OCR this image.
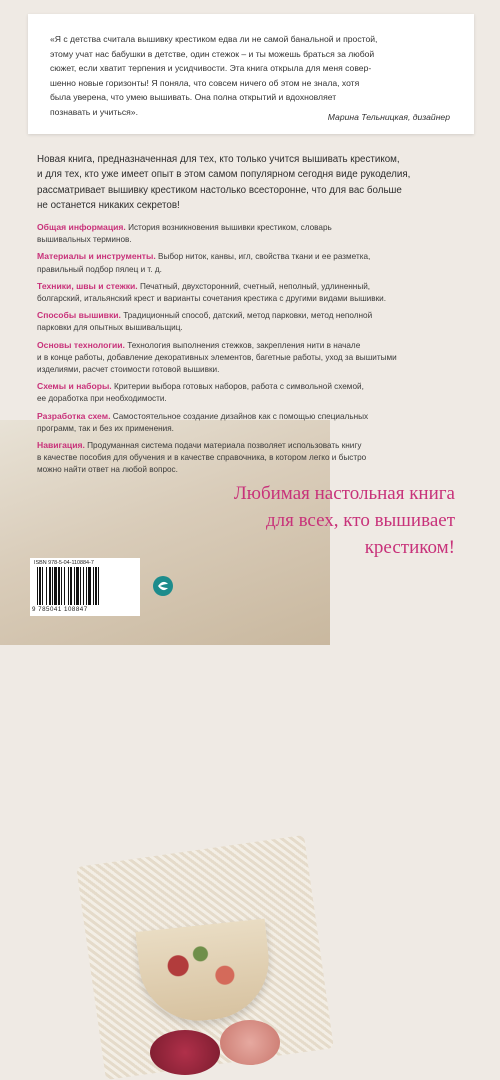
«Я с детства считала вышивку крестиком едва ли не самой банальной и простой,
этому учат нас бабушки в детстве, один стежок – и ты можешь браться за любой
сюжет, если хватит терпения и усидчивости. Эта книга открыла для меня совер-
шенно новые горизонты! Я поняла, что совсем ничего об этом не знала, хотя
была уверена, что умею вышивать. Она полна открытий и вдохновляет
познавать и учиться».

Марина Тельницкая, дизайнер

Новая книга, предназначенная для тех, кто только учится вышивать крестиком,
и для тех, кто уже имеет опыт в этом самом популярном сегодня виде рукоделия,
рассматривает вышивку крестиком настолько всесторонне, что для вас больше
не останется никаких секретов!

Общая информация. История возникновения вышивки крестиком, словарь
вышивальных терминов.

Материалы и инструменты. Выбор ниток, канвы, игл, свойства ткани и ее разметка,
правильный подбор пялец и т. д.

Техники, швы и стежки. Печатный, двухсторонний, счетный, неполный, удлиненный,
болгарский, итальянский крест и варианты сочетания крестика с другими видами вышивки.

Способы вышивки. Традиционный способ, датский, метод парковки, метод неполной
парковки для опытных вышивальщиц.

Основы технологии. Технология выполнения стежков, закрепления нити в начале
и в конце работы, добавление декоративных элементов, багетные работы, уход за вышитыми
изделиями, расчет стоимости готовой вышивки.

Схемы и наборы. Критерии выбора готовых наборов, работа с символьной схемой,
ее доработка при необходимости.

Разработка схем. Самостоятельное создание дизайнов как с помощью специальных
программ, так и без их применения.

Навигация. Продуманная система подачи материала позволяет использовать книгу
в качестве пособия для обучения и в качестве справочника, в котором легко и быстро
можно найти ответ на любой вопрос.

Любимая настольная книга
для всех, кто вышивает
крестиком!
ISBN 978-5-04-110884-7
9 785041 108847
